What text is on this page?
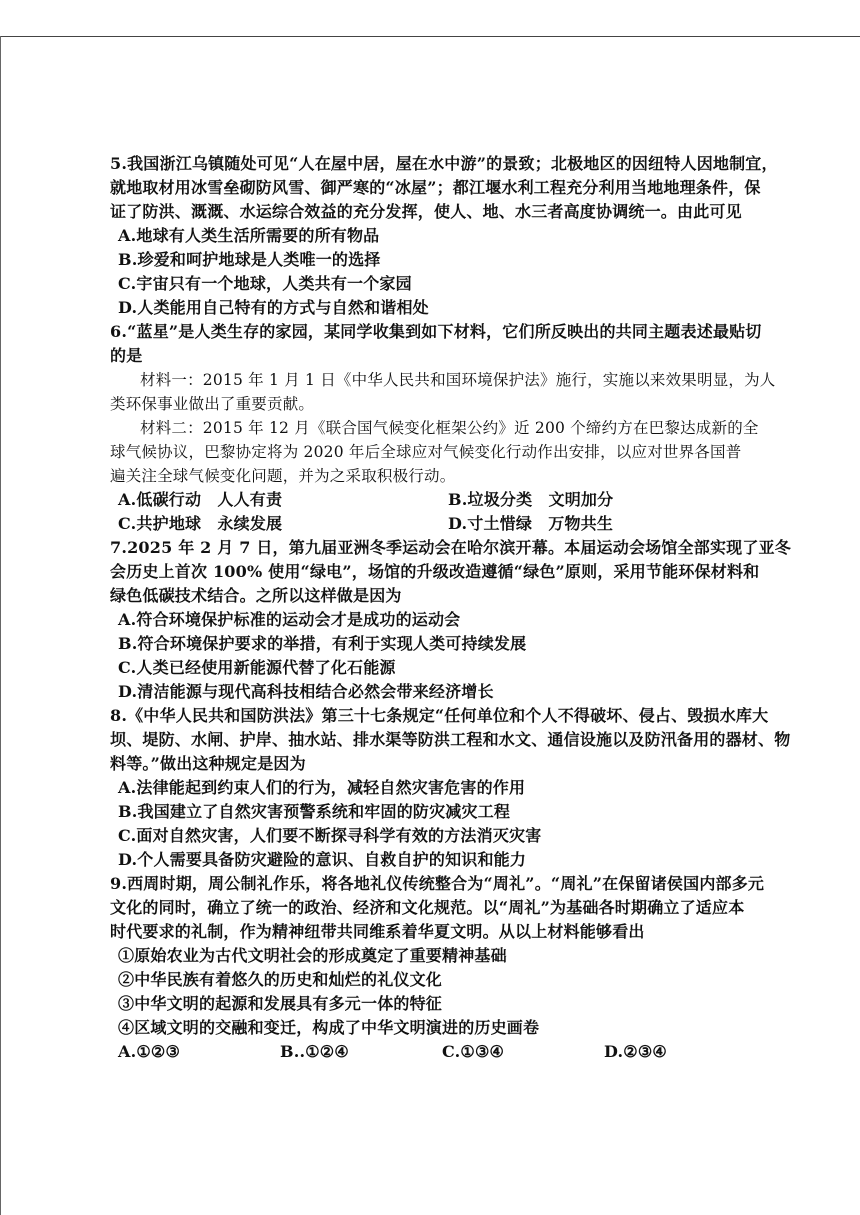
5.我国浙江乌镇随处可见“人在屋中居，屋在水中游”的景致；北极地区的因纽特人因地制宜，
就地取材用冰雪垒砌防风雪、御严寒的“冰屋”；都江堰水利工程充分利用当地地理条件，保
证了防洪、溉溉、水运综合效益的充分发挥，使人、地、水三者高度协调统一。由此可见
A.地球有人类生活所需要的所有物品
B.珍爱和呵护地球是人类唯一的选择
C.宇宙只有一个地球，人类共有一个家园
D.人类能用自己特有的方式与自然和谐相处
6.“蓝星”是人类生存的家园，某同学收集到如下材料，它们所反映出的共同主题表述最贴切
的是
材料一：2015 年 1 月 1 日《中华人民共和国环境保护法》施行，实施以来效果明显，为人
类环保事业做出了重要贡献。
材料二：2015 年 12 月《联合国气候变化框架公约》近 200 个缔约方在巴黎达成新的全
球气候协议，巴黎协定将为 2020 年后全球应对气候变化行动作出安排，以应对世界各国普
遍关注全球气候变化问题，并为之采取积极行动。
A.低碳行动　人人有责	B.垃圾分类　文明加分
C.共护地球　永续发展	D.寸土惜绿　万物共生
7.2025 年 2 月 7 日，第九届亚洲冬季运动会在哈尔滨开幕。本届运动会场馆全部实现了亚冬
会历史上首次 100% 使用“绿电”，场馆的升级改造遵循“绿色”原则，采用节能环保材料和
绿色低碳技术结合。之所以这样做是因为
A.符合环境保护标准的运动会才是成功的运动会
B.符合环境保护要求的举措，有利于实现人类可持续发展
C.人类已经使用新能源代替了化石能源
D.清洁能源与现代高科技相结合必然会带来经济增长
8.《中华人民共和国防洪法》第三十七条规定“任何单位和个人不得破坏、侵占、毁损水库大
坝、堤防、水闸、护岸、抽水站、排水渠等防洪工程和水文、通信设施以及防汛备用的器材、物
料等。”做出这种规定是因为
A.法律能起到约束人们的行为，减轻自然灾害危害的作用
B.我国建立了自然灾害预警系统和牢固的防灾减灾工程
C.面对自然灾害，人们要不断探寻科学有效的方法消灭灾害
D.个人需要具备防灾避险的意识、自救自护的知识和能力
9.西周时期，周公制礼作乐，将各地礼仪传统整合为“周礼”。“周礼”在保留诸侯国内部多元
文化的同时，确立了统一的政治、经济和文化规范。以“周礼”为基础各时期确立了适应本
时代要求的礼制，作为精神纽带共同维系着华夏文明。从以上材料能够看出
①原始农业为古代文明社会的形成奠定了重要精神基础
②中华民族有着悠久的历史和灿烂的礼仪文化
③中华文明的起源和发展具有多元一体的特征
④区域文明的交融和变迁，构成了中华文明演进的历史画卷
A.①②③	B..①②④	C.①③④	D.②③④
